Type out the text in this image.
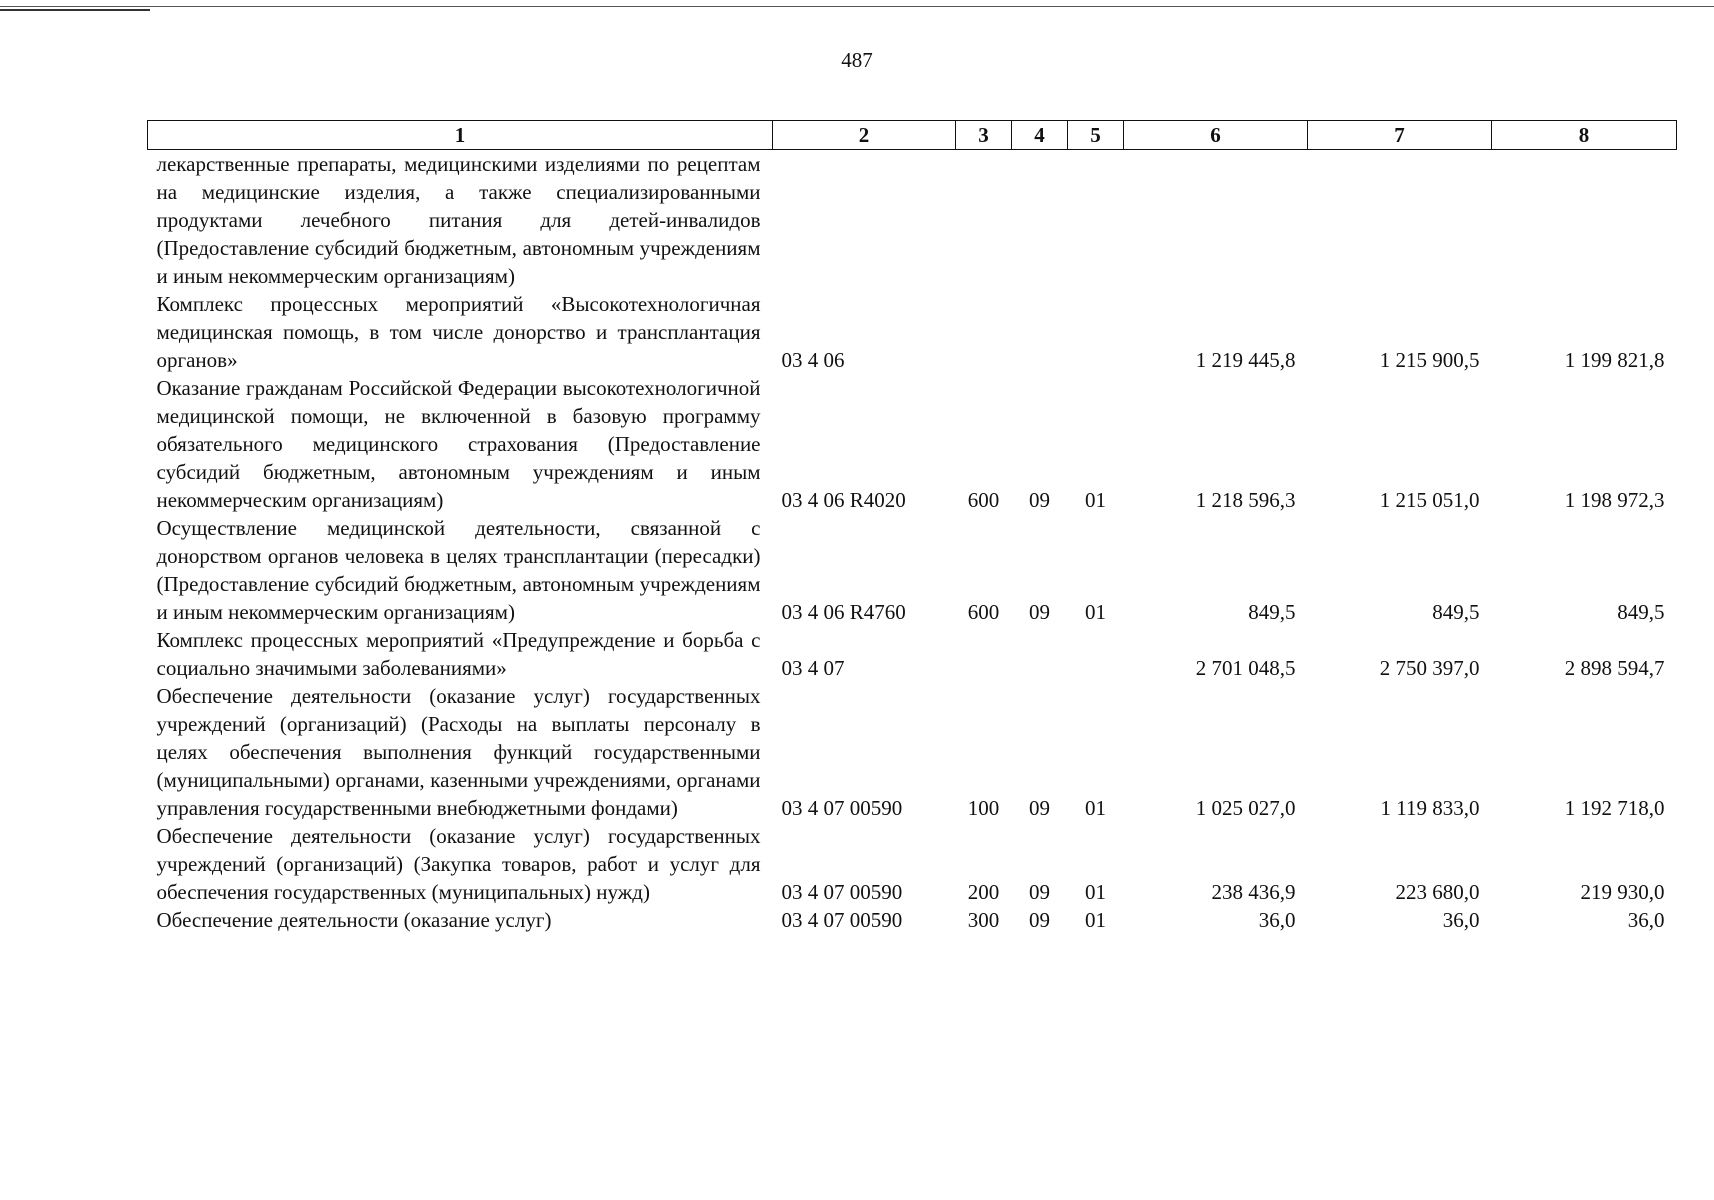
487
1	2	3	4	5	6	7	8
лекарственные препараты, медицинскими изделиями по рецептам на медицинские изделия, а также специализированными продуктами лечебного питания для детей-инвалидов (Предоставление субсидий бюджетным, автономным учреждениям и иным некоммерческим организациям)							
Комплекс процессных мероприятий «Высокотехнологичная медицинская помощь, в том числе донорство и трансплантация органов»	03 4 06				1 219 445,8	1 215 900,5	1 199 821,8
Оказание гражданам Российской Федерации высокотехнологичной медицинской помощи, не включенной в базовую программу обязательного медицинского страхования (Предоставление субсидий бюджетным, автономным учреждениям и иным некоммерческим организациям)	03 4 06 R4020	600	09	01	1 218 596,3	1 215 051,0	1 198 972,3
Осуществление медицинской деятельности, связанной с донорством органов человека в целях трансплантации (пересадки) (Предоставление субсидий бюджетным, автономным учреждениям и иным некоммерческим организациям)	03 4 06 R4760	600	09	01	849,5	849,5	849,5
Комплекс процессных мероприятий «Предупреждение и борьба с социально значимыми заболеваниями»	03 4 07				2 701 048,5	2 750 397,0	2 898 594,7
Обеспечение деятельности (оказание услуг) государственных учреждений (организаций) (Расходы на выплаты персоналу в целях обеспечения выполнения функций государственными (муниципальными) органами, казенными учреждениями, органами управления государственными внебюджетными фондами)	03 4 07 00590	100	09	01	1 025 027,0	1 119 833,0	1 192 718,0
Обеспечение деятельности (оказание услуг) государственных учреждений (организаций) (Закупка товаров, работ и услуг для обеспечения государственных (муниципальных) нужд)	03 4 07 00590	200	09	01	238 436,9	223 680,0	219 930,0
Обеспечение деятельности (оказание услуг)	03 4 07 00590	300	09	01	36,0	36,0	36,0
